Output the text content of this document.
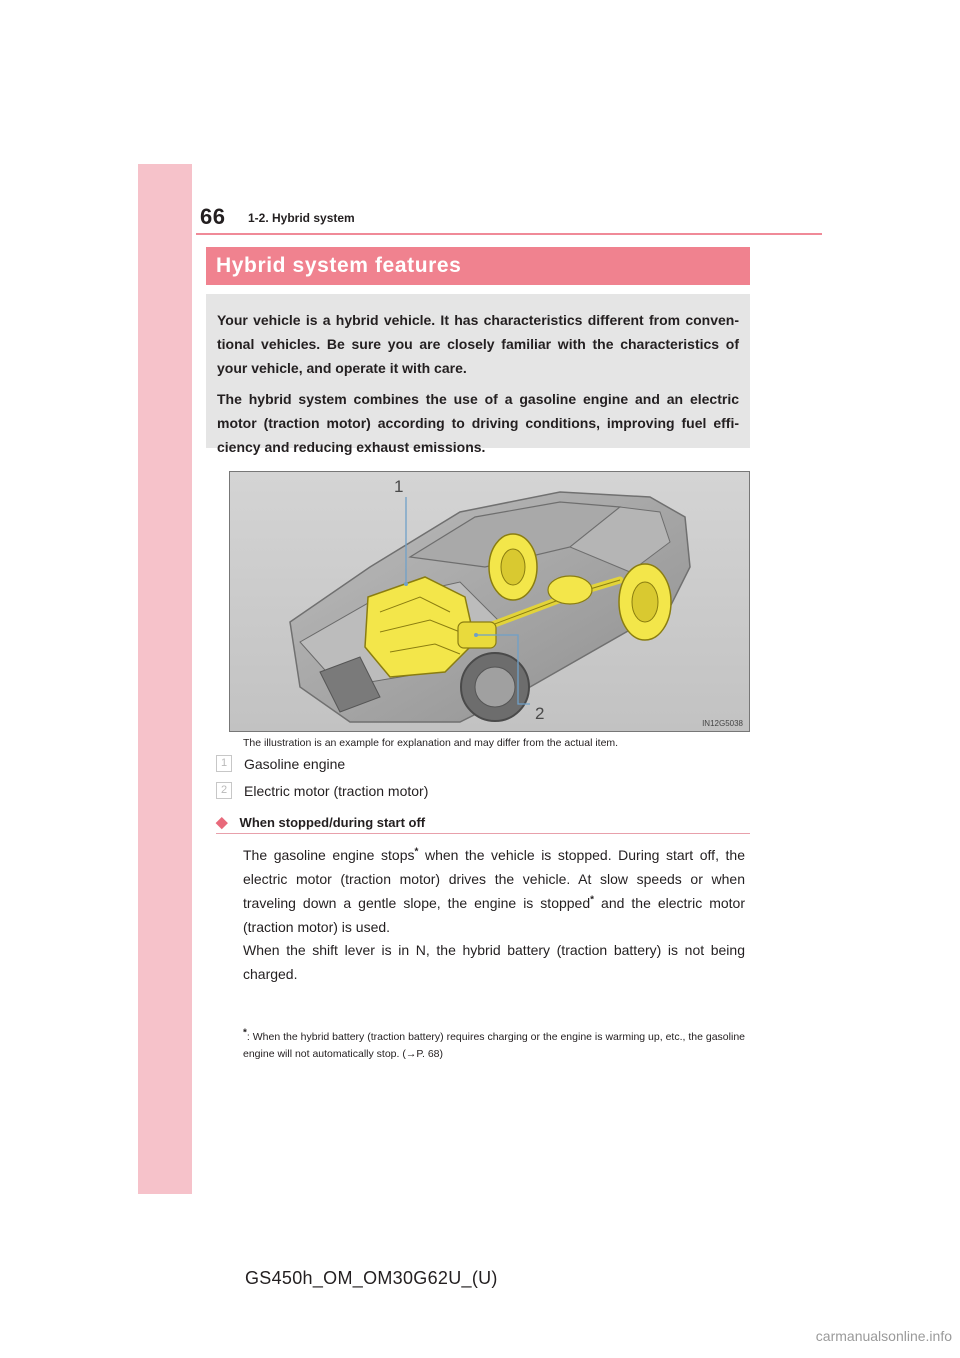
66 1-2. Hybrid system
Hybrid system features

Your vehicle is a hybrid vehicle. It has characteristics different from conven-tional vehicles. Be sure you are closely familiar with the characteristics of your vehicle, and operate it with care.

The hybrid system combines the use of a gasoline engine and an electric motor (traction motor) according to driving conditions, improving fuel effi-ciency and reducing exhaust emissions.

1
2
IN12G5038
The illustration is an example for explanation and may differ from the actual item.
1	Gasoline engine
2	Electric motor (traction motor)
◆ When stopped/during start off

The gasoline engine stops* when the vehicle is stopped. During start off, the electric motor (traction motor) drives the vehicle. At slow speeds or when traveling down a gentle slope, the engine is stopped* and the electric motor (traction motor) is used.

When the shift lever is in N, the hybrid battery (traction battery) is not being charged.

*: When the hybrid battery (traction battery) requires charging or the engine is warming up, etc., the gasoline engine will not automatically stop. (→P. 68)
GS450h_OM_OM30G62U_(U)
carmanualsonline.info
